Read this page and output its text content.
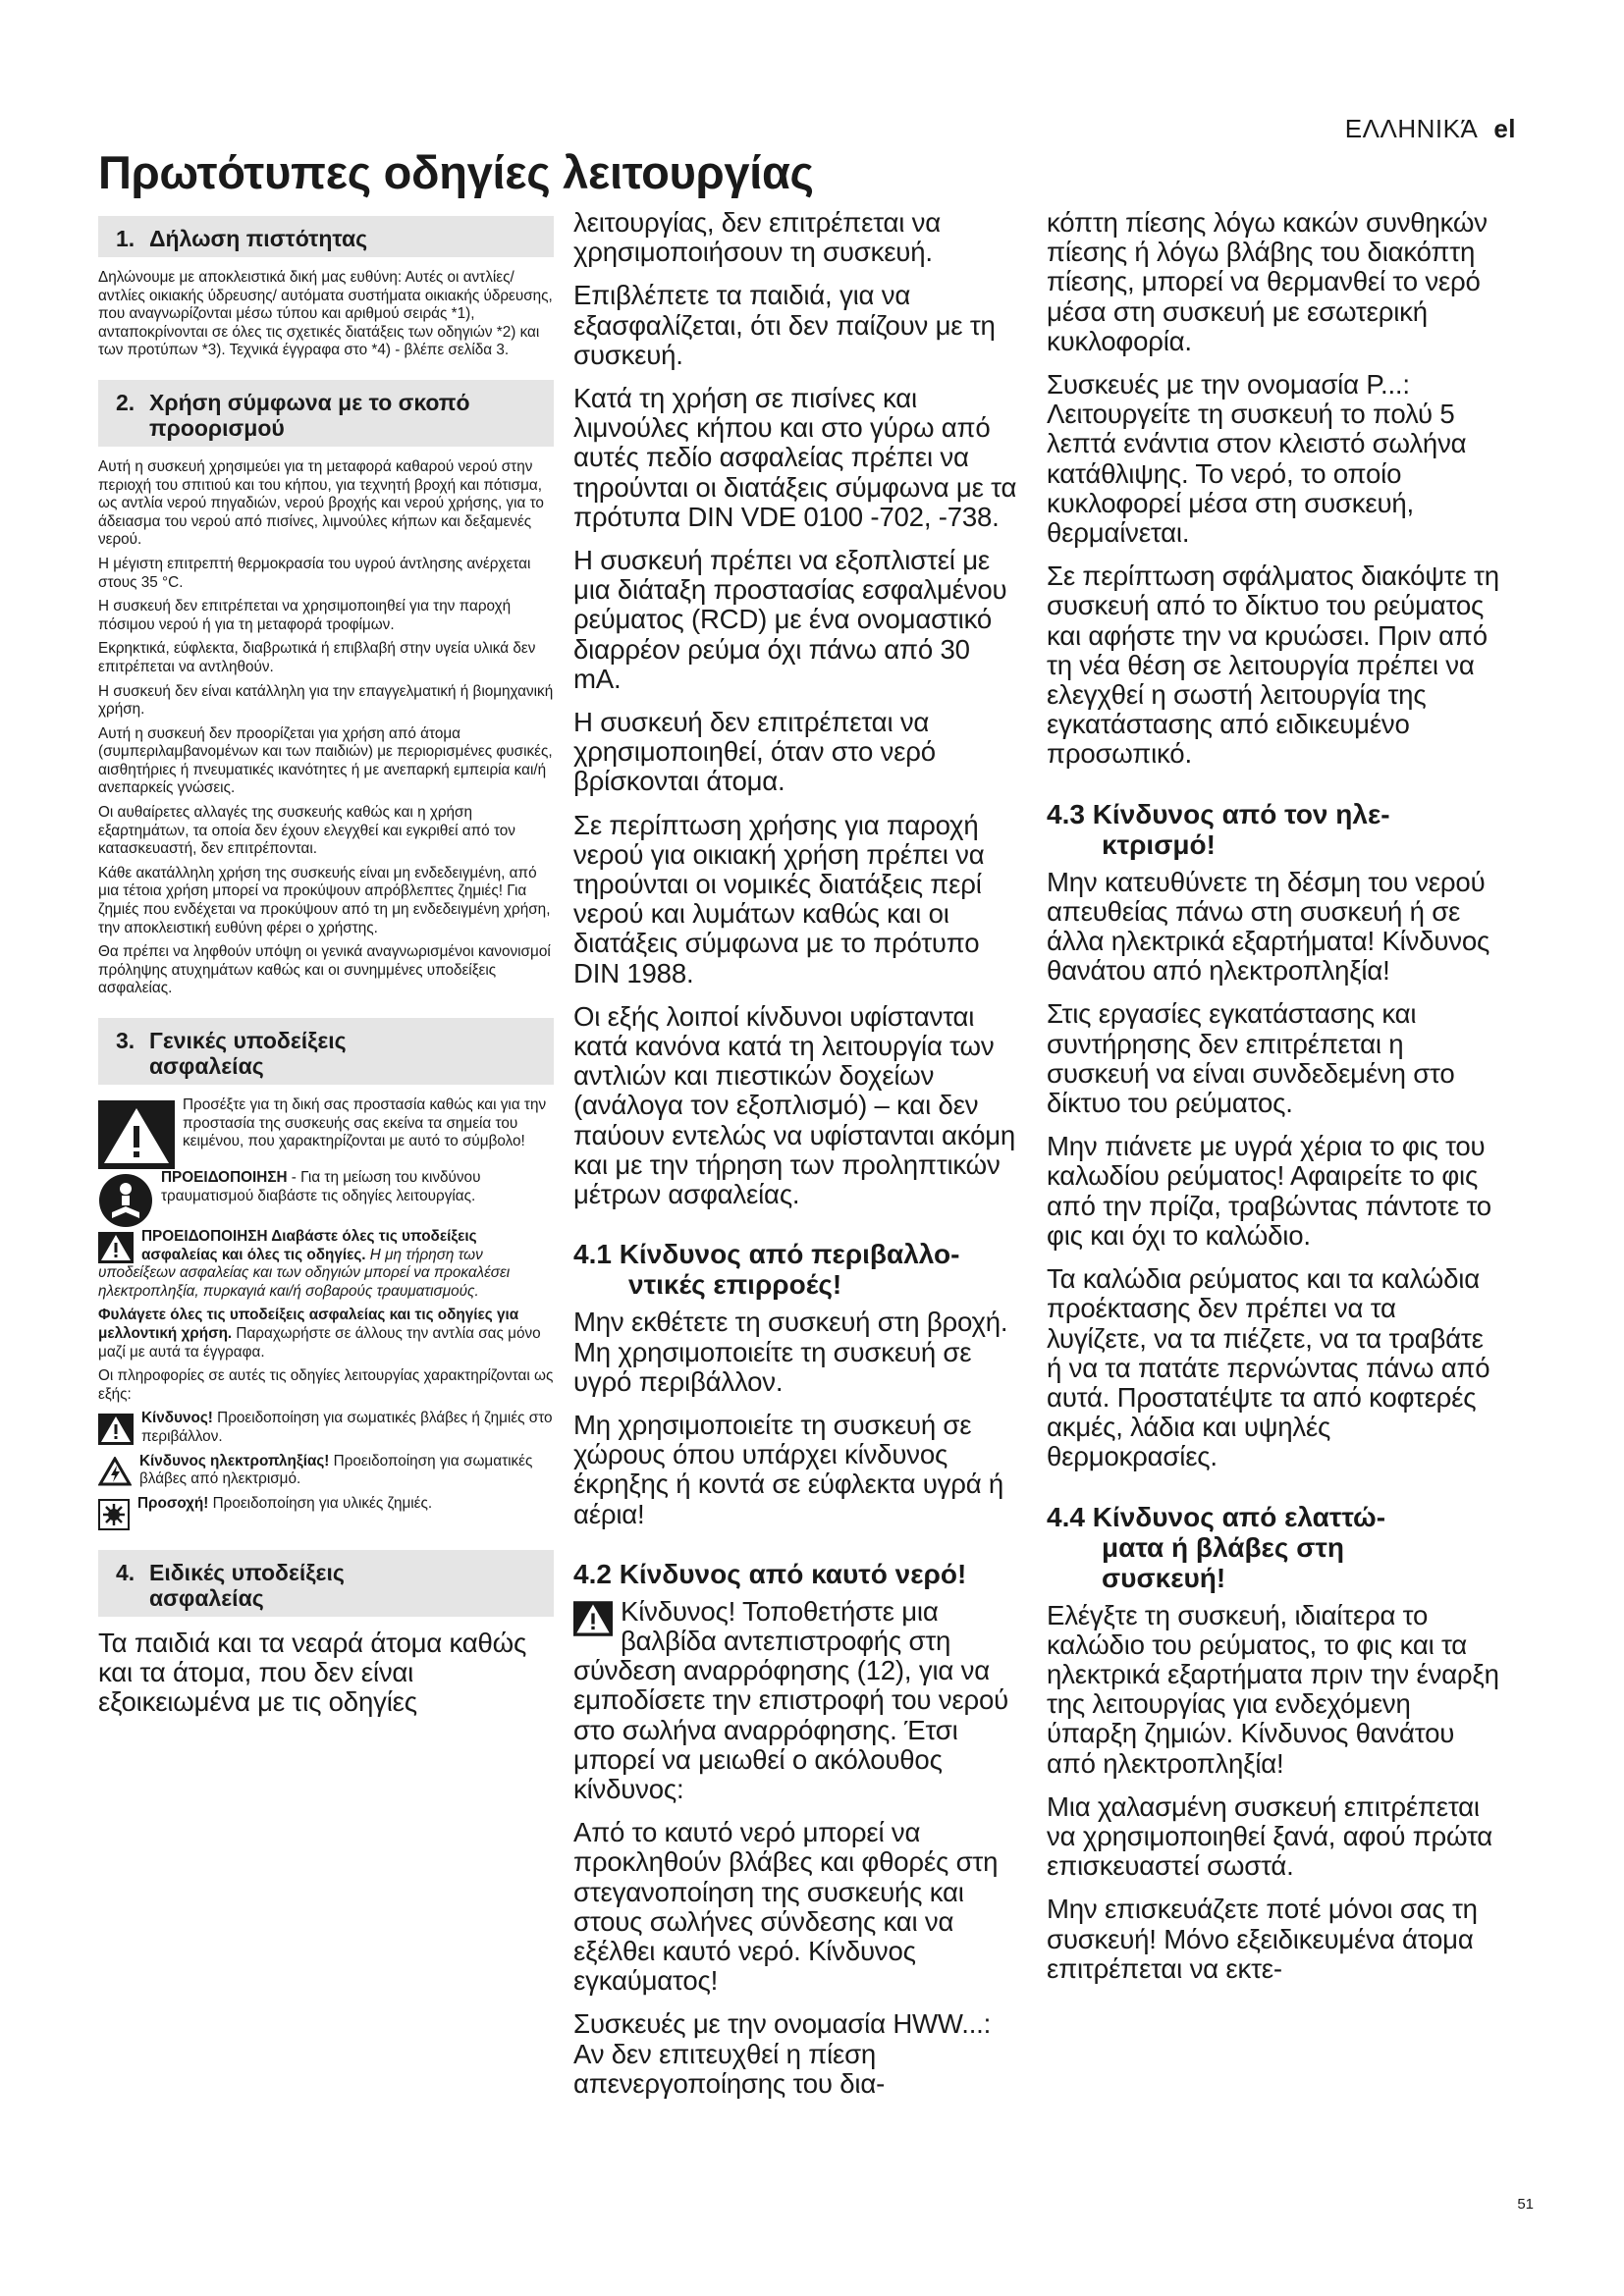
ΕΛΛΗΝΙΚΆ el
Πρωτότυπες οδηγίες λειτουργίας
1. Δήλωση πιστότητας

Δηλώνουμε με αποκλειστικά δική μας ευθύνη: Αυτές οι αντλίες/αντλίες οικιακής ύδρευσης/ αυτόματα συστήματα οικιακής ύδρευσης, που αναγνωρίζονται μέσω τύπου και αριθμού σειράς *1), ανταποκρίνονται σε όλες τις σχετικές διατάξεις των οδηγιών *2) και των προτύπων *3). Τεχνικά έγγραφα στο *4) - βλέπε σελίδα 3.

2. Χρήση σύμφωνα με το σκοπό
προορισμού

Αυτή η συσκευή χρησιμεύει για τη μεταφορά καθαρού νερού στην περιοχή του σπιτιού και του κήπου, για τεχνητή βροχή και πότισμα, ως αντλία νερού πηγαδιών, νερού βροχής και νερού χρήσης, για το άδειασμα του νερού από πισίνες, λιμνούλες κήπων και δεξαμενές νερού.

Η μέγιστη επιτρεπτή θερμοκρασία του υγρού άντλησης ανέρχεται στους 35 °C.

Η συσκευή δεν επιτρέπεται να χρησιμοποιηθεί για την παροχή πόσιμου νερού ή για τη μεταφορά τροφίμων.

Εκρηκτικά, εύφλεκτα, διαβρωτικά ή επιβλαβή στην υγεία υλικά δεν επιτρέπεται να αντληθούν.

Η συσκευή δεν είναι κατάλληλη για την επαγγελματική ή βιομηχανική χρήση.

Αυτή η συσκευή δεν προορίζεται για χρήση από άτομα (συμπεριλαμβανομένων και των παιδιών) με περιορισμένες φυσικές, αισθητήριες ή πνευματικές ικανότητες ή με ανεπαρκή εμπειρία και/ή ανεπαρκείς γνώσεις.

Οι αυθαίρετες αλλαγές της συσκευής καθώς και η χρήση εξαρτημάτων, τα οποία δεν έχουν ελεγχθεί και εγκριθεί από τον κατασκευαστή, δεν επιτρέπονται.

Κάθε ακατάλληλη χρήση της συσκευής είναι μη ενδεδειγμένη, από μια τέτοια χρήση μπορεί να προκύψουν απρόβλεπτες ζημιές! Για ζημιές που ενδέχεται να προκύψουν από τη μη ενδεδειγμένη χρήση, την αποκλειστική ευθύνη φέρει ο χρήστης.

Θα πρέπει να ληφθούν υπόψη οι γενικά αναγνωρισμένοι κανονισμοί πρόληψης ατυχημάτων καθώς και οι συνημμένες υποδείξεις ασφαλείας.

3. Γενικές υποδείξεις
ασφαλείας

Προσέξτε για τη δική σας προστασία καθώς και για την προστασία της συσκευής σας εκείνα τα σημεία του κειμένου, που χαρακτηρίζονται με αυτό το σύμβολο!

ΠΡΟΕΙΔΟΠΟΙΗΣΗ - Για τη μείωση του κινδύνου τραυματισμού διαβάστε τις οδηγίες λειτουργίας.

ΠΡΟΕΙΔΟΠΟΙΗΣΗ Διαβάστε όλες τις υποδείξεις ασφαλείας και όλες τις οδηγίες. Η μη τήρηση των υποδείξεων ασφαλείας και των οδηγιών μπορεί να προκαλέσει ηλεκτροπληξία, πυρκαγιά και/ή σοβαρούς τραυματισμούς.

Φυλάγετε όλες τις υποδείξεις ασφαλείας και τις οδηγίες για μελλοντική χρήση. Παραχωρήστε σε άλλους την αντλία σας μόνο μαζί με αυτά τα έγγραφα.

Οι πληροφορίες σε αυτές τις οδηγίες λειτουργίας χαρακτηρίζονται ως εξής:

Κίνδυνος! Προειδοποίηση για σωματικές βλάβες ή ζημιές στο περιβάλλον.

Κίνδυνος ηλεκτροπληξίας! Προειδοποίηση για σωματικές βλάβες από ηλεκτρισμό.

Προσοχή! Προειδοποίηση για υλικές ζημιές.

4. Ειδικές υποδείξεις
ασφαλείας

Τα παιδιά και τα νεαρά άτομα καθώς και τα άτομα, που δεν είναι εξοικειωμένα με τις οδηγίες

λειτουργίας, δεν επιτρέπεται να χρησιμοποιήσουν τη συσκευή.

Επιβλέπετε τα παιδιά, για να εξασφαλίζεται, ότι δεν παίζουν με τη συσκευή.

Κατά τη χρήση σε πισίνες και λιμνούλες κήπου και στο γύρω από αυτές πεδίο ασφαλείας πρέπει να τηρούνται οι διατάξεις σύμφωνα με τα πρότυπα DIN VDE 0100 -702, -738.

Η συσκευή πρέπει να εξοπλιστεί με μια διάταξη προστασίας εσφαλμένου ρεύματος (RCD) με ένα ονομαστικό διαρρέον ρεύμα όχι πάνω από 30 mA.

Η συσκευή δεν επιτρέπεται να χρησιμοποιηθεί, όταν στο νερό βρίσκονται άτομα.

Σε περίπτωση χρήσης για παροχή νερού για οικιακή χρήση πρέπει να τηρούνται οι νομικές διατάξεις περί νερού και λυμάτων καθώς και οι διατάξεις σύμφωνα με το πρότυπο DIN 1988.

Οι εξής λοιποί κίνδυνοι υφίστανται κατά κανόνα κατά τη λειτουργία των αντλιών και πιεστικών δοχείων (ανάλογα τον εξοπλισμό) – και δεν παύουν εντελώς να υφίστανται ακόμη και με την τήρηση των προληπτικών μέτρων ασφαλείας.

4.1 Κίνδυνος από περιβαλλο-
ντικές επιρροές!

Μην εκθέτετε τη συσκευή στη βροχή. Μη χρησιμοποιείτε τη συσκευή σε υγρό περιβάλλον.

Μη χρησιμοποιείτε τη συσκευή σε χώρους όπου υπάρχει κίνδυνος έκρηξης ή κοντά σε εύφλεκτα υγρά ή αέρια!

4.2 Κίνδυνος από καυτό νερό!

Κίνδυνος! Τοποθετήστε μια βαλβίδα αντεπιστροφής στη σύνδεση αναρρόφησης (12), για να εμποδίσετε την επιστροφή του νερού στο σωλήνα αναρρόφησης. Έτσι μπορεί να μειωθεί ο ακόλουθος κίνδυνος:

Από το καυτό νερό μπορεί να προκληθούν βλάβες και φθορές στη στεγανοποίηση της συσκευής και στους σωλήνες σύνδεσης και να εξέλθει καυτό νερό. Κίνδυνος εγκαύματος!

Συσκευές με την ονομασία HWW...: Αν δεν επιτευχθεί η πίεση απενεργοποίησης του δια-

κόπτη πίεσης λόγω κακών συνθηκών πίεσης ή λόγω βλάβης του διακόπτη πίεσης, μπορεί να θερμανθεί το νερό μέσα στη συσκευή με εσωτερική κυκλοφορία.

Συσκευές με την ονομασία P...: Λειτουργείτε τη συσκευή το πολύ 5 λεπτά ενάντια στον κλειστό σωλήνα κατάθλιψης. Το νερό, το οποίο κυκλοφορεί μέσα στη συσκευή, θερμαίνεται.

Σε περίπτωση σφάλματος διακόψτε τη συσκευή από το δίκτυο του ρεύματος και αφήστε την να κρυώσει. Πριν από τη νέα θέση σε λειτουργία πρέπει να ελεγχθεί η σωστή λειτουργία της εγκατάστασης από ειδικευμένο προσωπικό.

4.3 Κίνδυνος από τον ηλε-
κτρισμό!

Μην κατευθύνετε τη δέσμη του νερού απευθείας πάνω στη συσκευή ή σε άλλα ηλεκτρικά εξαρτήματα! Κίνδυνος θανάτου από ηλεκτροπληξία!

Στις εργασίες εγκατάστασης και συντήρησης δεν επιτρέπεται η συσκευή να είναι συνδεδεμένη στο δίκτυο του ρεύματος.

Μην πιάνετε με υγρά χέρια το φις του καλωδίου ρεύματος! Αφαιρείτε το φις από την πρίζα, τραβώντας πάντοτε το φις και όχι το καλώδιο.

Τα καλώδια ρεύματος και τα καλώδια προέκτασης δεν πρέπει να τα λυγίζετε, να τα πιέζετε, να τα τραβάτε ή να τα πατάτε περνώντας πάνω από αυτά. Προστατέψτε τα από κοφτερές ακμές, λάδια και υψηλές θερμοκρασίες.

4.4 Κίνδυνος από ελαττώ-
ματα ή βλάβες στη
συσκευή!

Ελέγξτε τη συσκευή, ιδιαίτερα το καλώδιο του ρεύματος, το φις και τα ηλεκτρικά εξαρτήματα πριν την έναρξη της λειτουργίας για ενδεχόμενη ύπαρξη ζημιών. Κίνδυνος θανάτου από ηλεκτροπληξία!

Μια χαλασμένη συσκευή επιτρέπεται να χρησιμοποιηθεί ξανά, αφού πρώτα επισκευαστεί σωστά.

Μην επισκευάζετε ποτέ μόνοι σας τη συσκευή! Μόνο εξειδικευμένα άτομα επιτρέπεται να εκτε-

51
